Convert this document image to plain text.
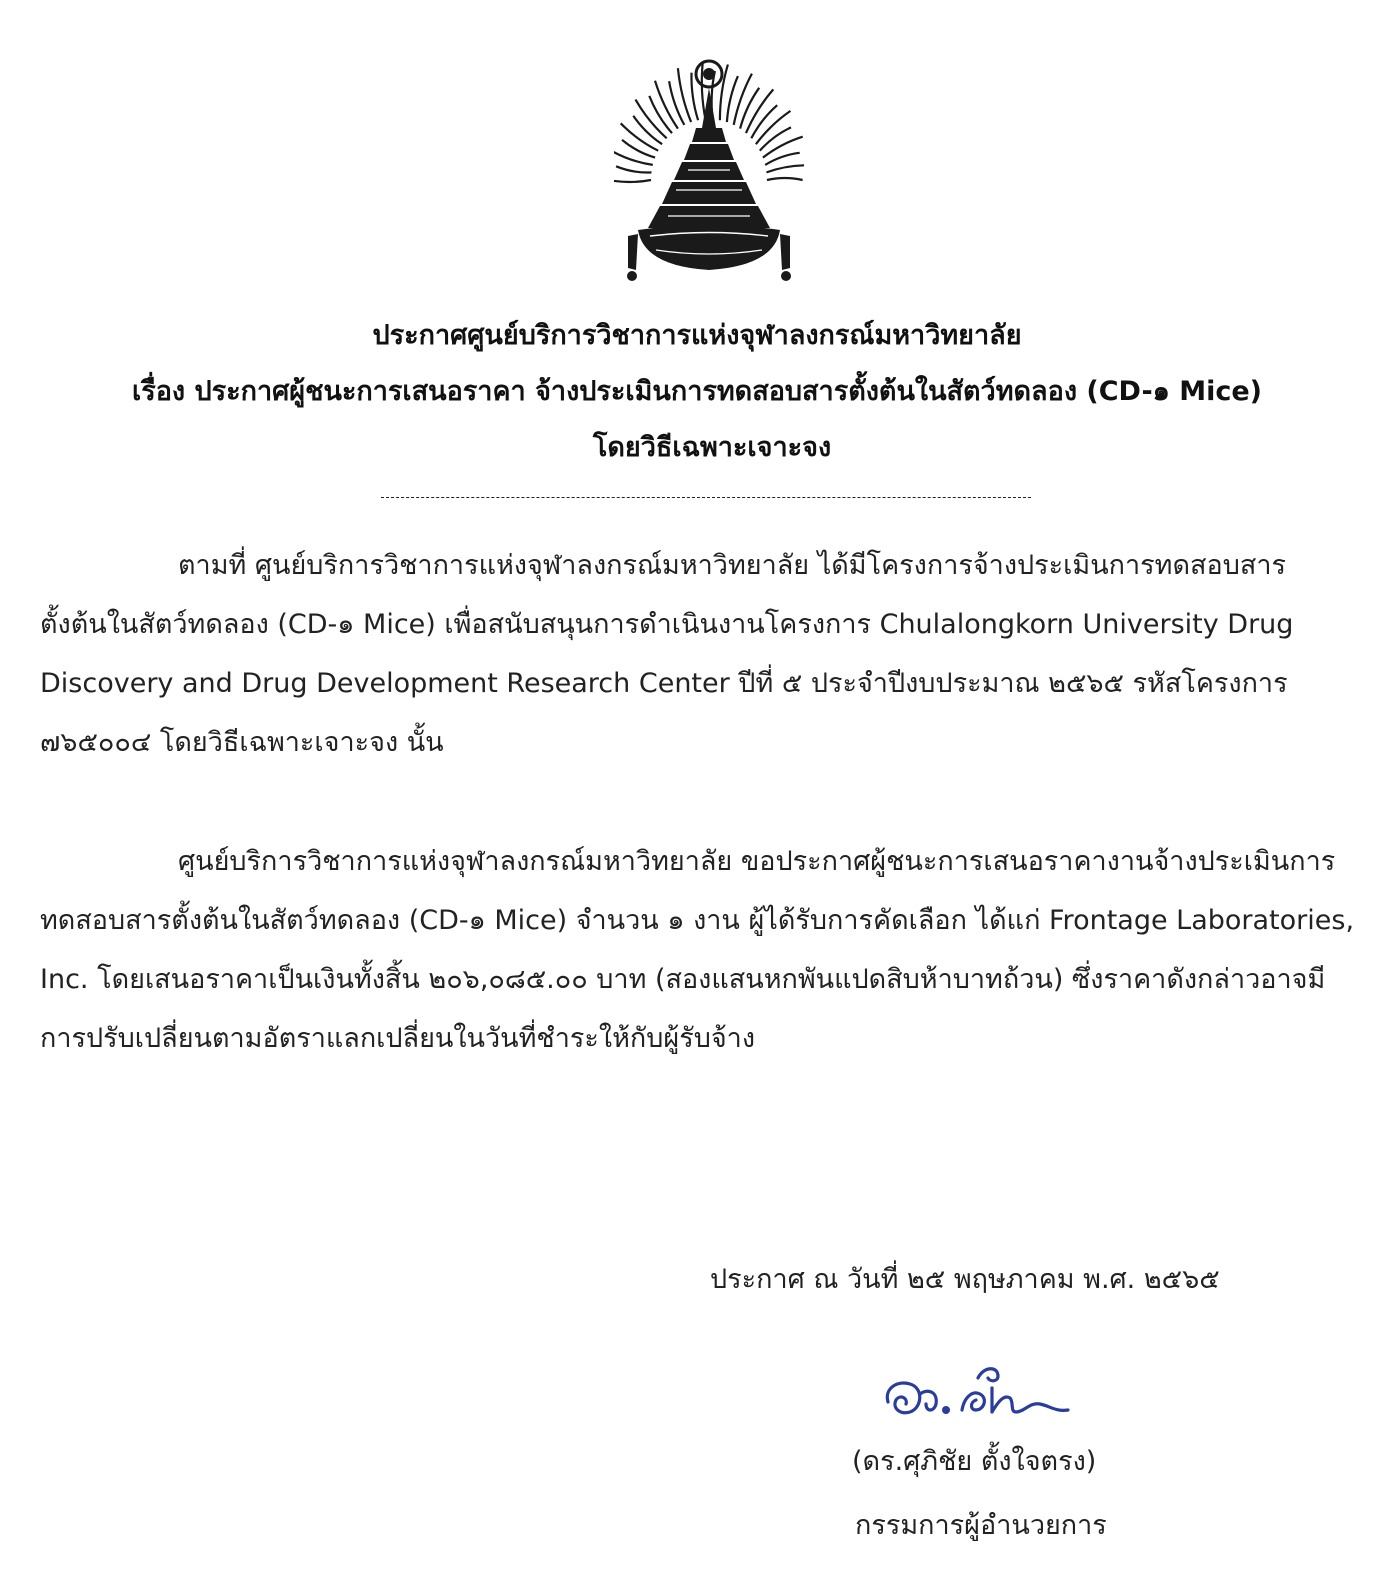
ประกาศศูนย์บริการวิชาการแห่งจุฬาลงกรณ์มหาวิทยาลัย
เรื่อง ประกาศผู้ชนะการเสนอราคา จ้างประเมินการทดสอบสารตั้งต้นในสัตว์ทดลอง (CD-๑ Mice)
โดยวิธีเฉพาะเจาะจง
ตามที่ ศูนย์บริการวิชาการแห่งจุฬาลงกรณ์มหาวิทยาลัย ได้มีโครงการจ้างประเมินการทดสอบสาร
ตั้งต้นในสัตว์ทดลอง (CD-๑ Mice) เพื่อสนับสนุนการดำเนินงานโครงการ Chulalongkorn University Drug
Discovery and Drug Development Research Center ปีที่ ๕ ประจำปีงบประมาณ ๒๕๖๕ รหัสโครงการ
๗๖๕๐๐๔ โดยวิธีเฉพาะเจาะจง นั้น
ศูนย์บริการวิชาการแห่งจุฬาลงกรณ์มหาวิทยาลัย ขอประกาศผู้ชนะการเสนอราคางานจ้างประเมินการ
ทดสอบสารตั้งต้นในสัตว์ทดลอง (CD-๑ Mice) จำนวน ๑ งาน ผู้ได้รับการคัดเลือก ได้แก่ Frontage Laboratories,
Inc. โดยเสนอราคาเป็นเงินทั้งสิ้น ๒๐๖,๐๘๕.๐๐ บาท (สองแสนหกพันแปดสิบห้าบาทถ้วน) ซึ่งราคาดังกล่าวอาจมี
การปรับเปลี่ยนตามอัตราแลกเปลี่ยนในวันที่ชำระให้กับผู้รับจ้าง
ประกาศ ณ วันที่ ๒๕ พฤษภาคม พ.ศ. ๒๕๖๕
(ดร.ศุภิชัย ตั้งใจตรง)
กรรมการผู้อำนวยการ
